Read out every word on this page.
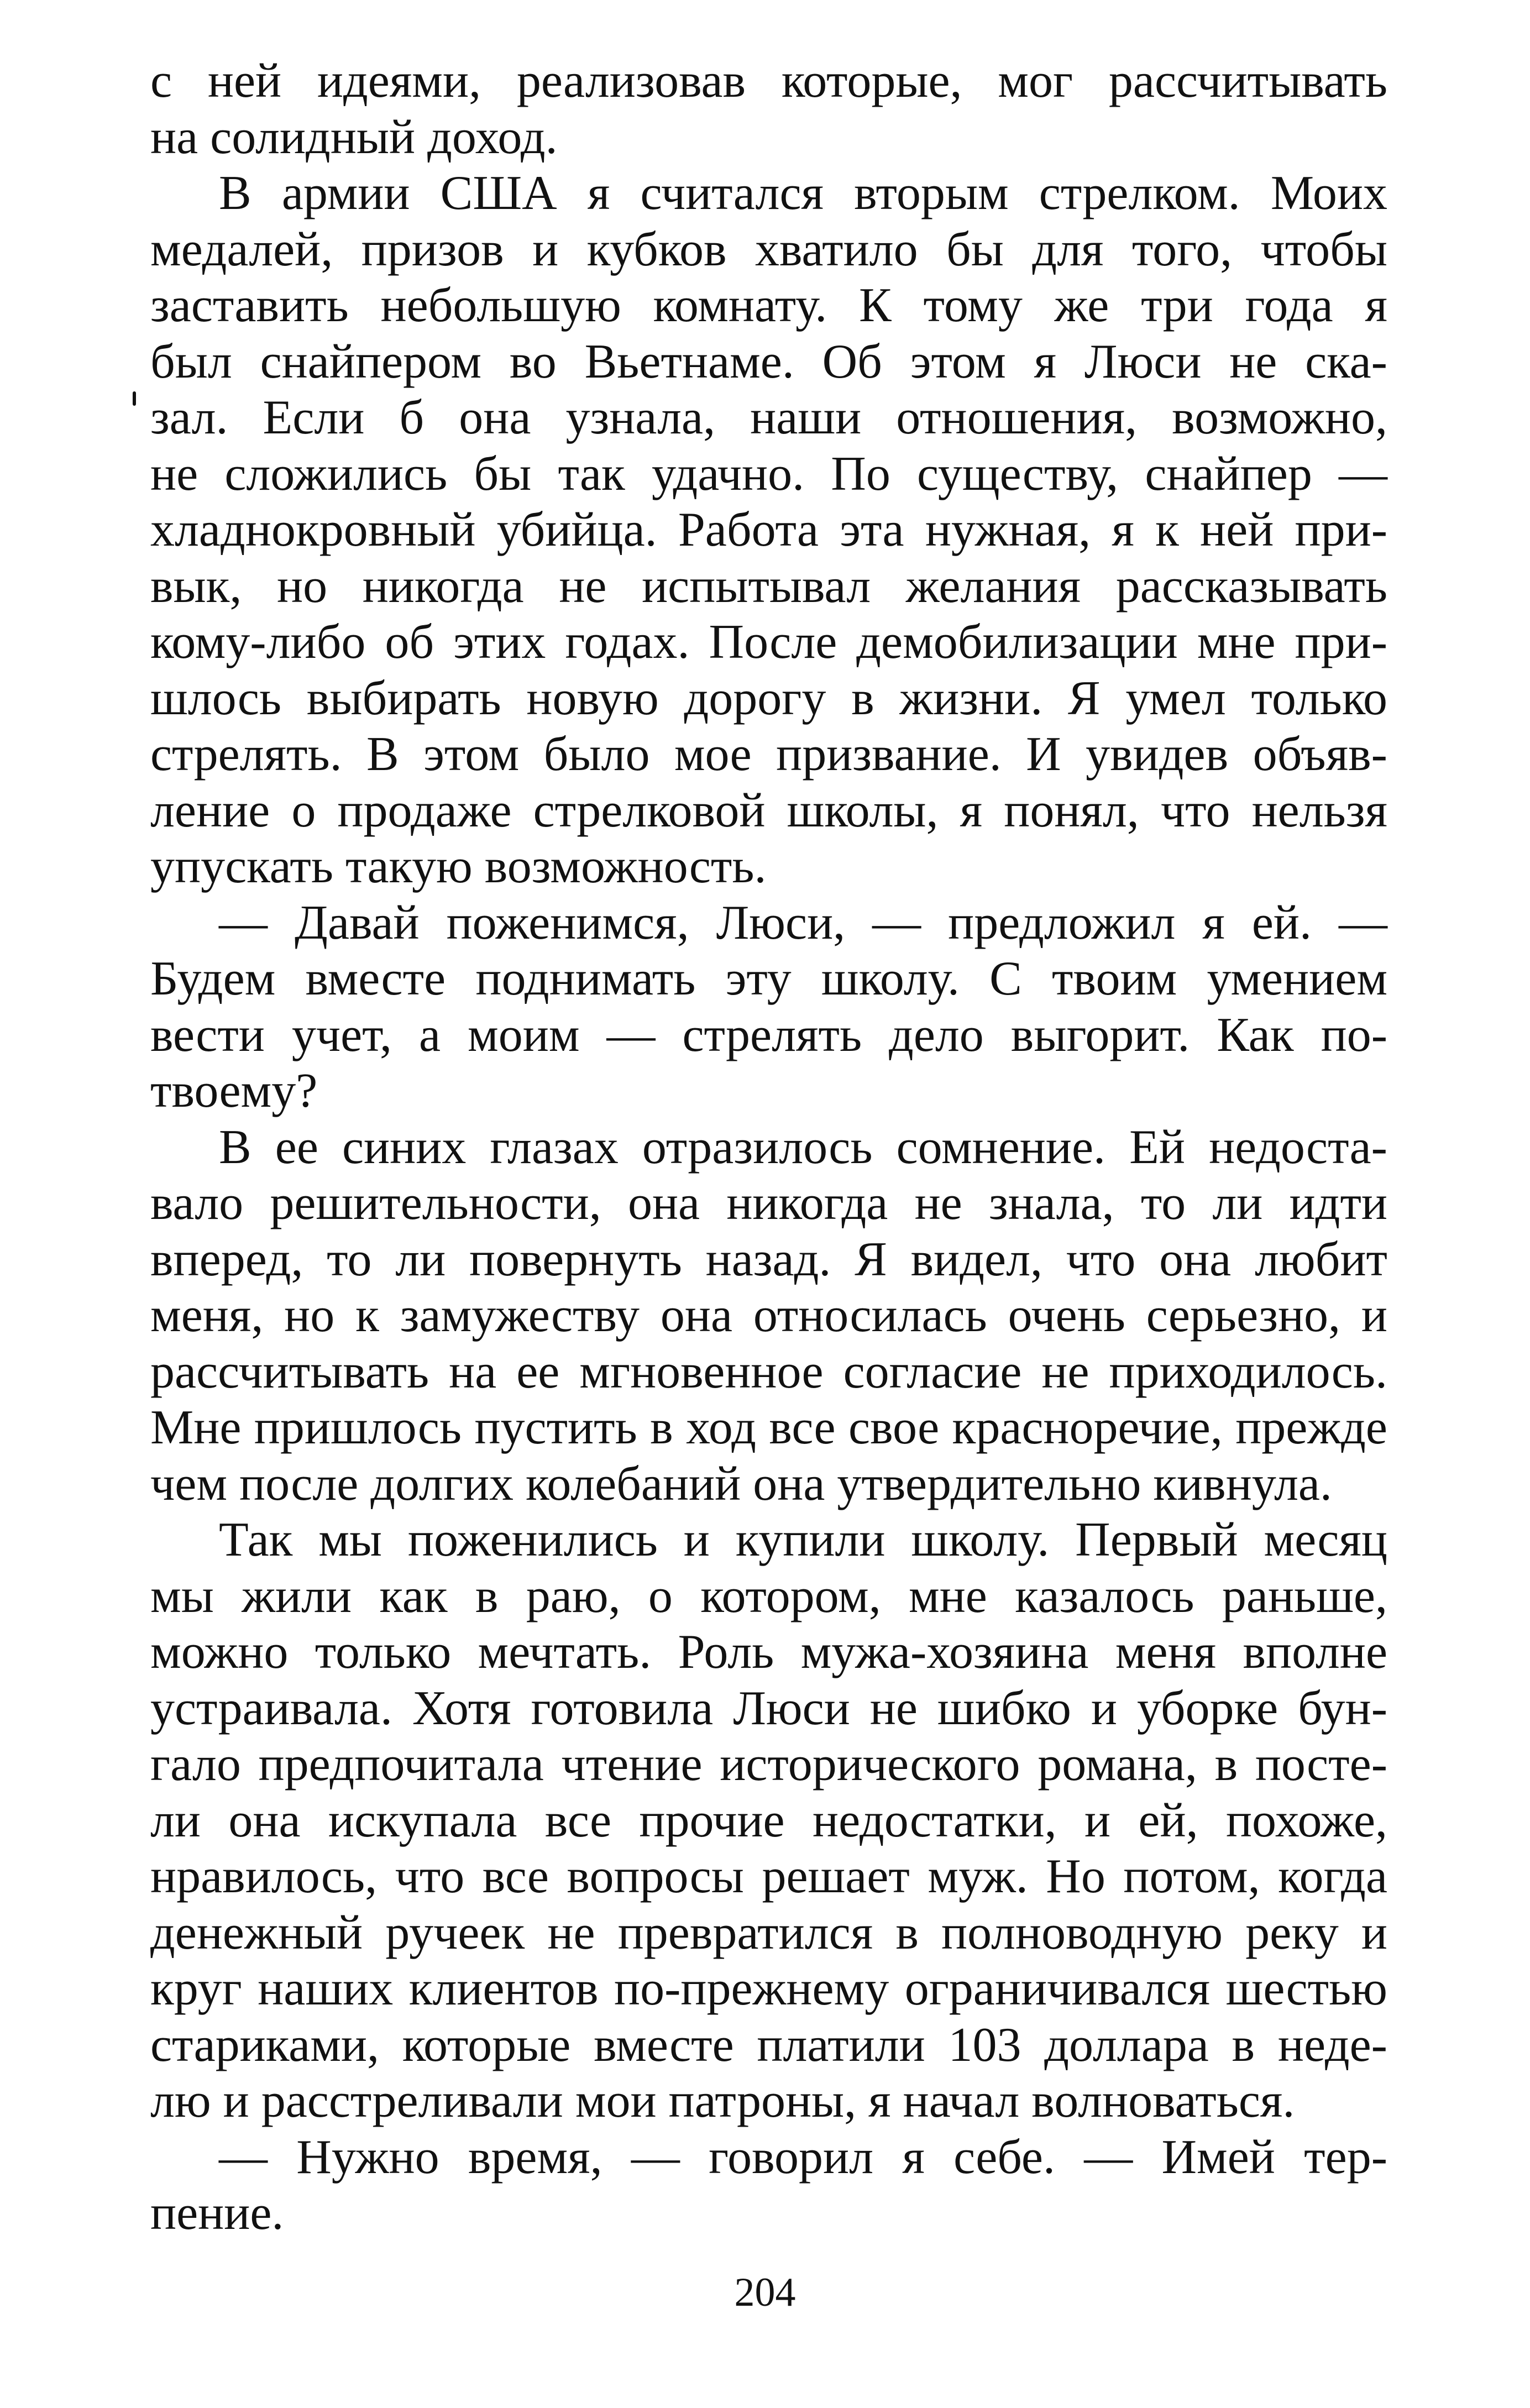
с ней идеями, реализовав которые, мог рассчитывать
на солидный доход.
В армии США я считался вторым стрелком. Моих
медалей, призов и кубков хватило бы для того, чтобы
заставить небольшую комнату. К тому же три года я
был снайпером во Вьетнаме. Об этом я Люси не ска-
зал. Если б она узнала, наши отношения, возможно,
не сложились бы так удачно. По существу, снайпер —
хладнокровный убийца. Работа эта нужная, я к ней при-
вык, но никогда не испытывал желания рассказывать
кому-либо об этих годах. После демобилизации мне при-
шлось выбирать новую дорогу в жизни. Я умел только
стрелять. В этом было мое призвание. И увидев объяв-
ление о продаже стрелковой школы, я понял, что нельзя
упускать такую возможность.
— Давай поженимся, Люси, — предложил я ей. —
Будем вместе поднимать эту школу. С твоим умением
вести учет, а моим — стрелять дело выгорит. Как по-
твоему?
В ее синих глазах отразилось сомнение. Ей недоста-
вало решительности, она никогда не знала, то ли идти
вперед, то ли повернуть назад. Я видел, что она любит
меня, но к замужеству она относилась очень серьезно, и
рассчитывать на ее мгновенное согласие не приходилось.
Мне пришлось пустить в ход все свое красноречие, прежде
чем после долгих колебаний она утвердительно кивнула.
Так мы поженились и купили школу. Первый месяц
мы жили как в раю, о котором, мне казалось раньше,
можно только мечтать. Роль мужа-хозяина меня вполне
устраивала. Хотя готовила Люси не шибко и уборке бун-
гало предпочитала чтение исторического романа, в посте-
ли она искупала все прочие недостатки, и ей, похоже,
нравилось, что все вопросы решает муж. Но потом, когда
денежный ручеек не превратился в полноводную реку и
круг наших клиентов по-прежнему ограничивался шестью
стариками, которые вместе платили 103 доллара в неде-
лю и расстреливали мои патроны, я начал волноваться.
— Нужно время, — говорил я себе. — Имей тер-
пение.
204
